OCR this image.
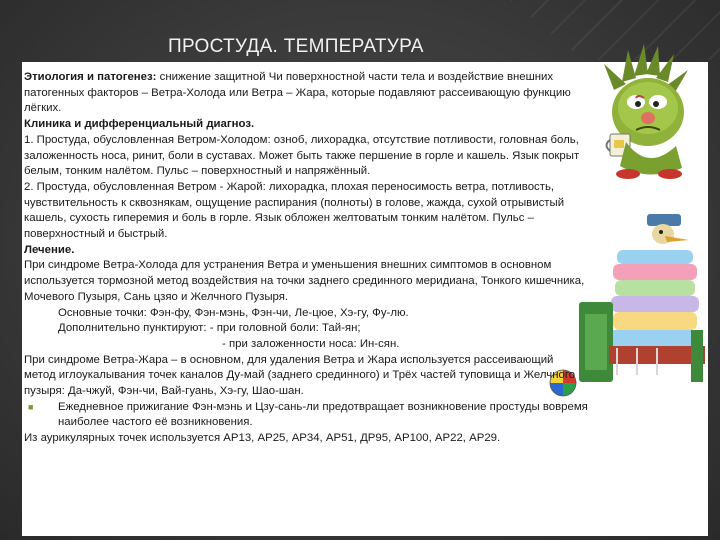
ПРОСТУДА. ТЕМПЕРАТУРА

Этиология и патогенез: снижение защитной Чи поверхностной части тела и воздействие внешних патогенных факторов – Ветра-Холода или Ветра – Жара, которые подавляют рассеивающую функцию лёгких.

Клиника и дифференциальный диагноз.

1. Простуда, обусловленная Ветром-Холодом: озноб, лихорадка, отсутствие потливости, головная боль, заложенность носа, ринит, боли в суставах. Может быть также першение в горле и кашель. Язык покрыт белым, тонким налётом. Пульс – поверхностный и напряжённый.

2. Простуда, обусловленная Ветром - Жарой: лихорадка, плохая переносимость ветра, потливость, чувствительность к сквознякам, ощущение распирания (полноты) в голове, жажда, сухой отрывистый кашель, сухость гиперемия и боль в горле. Язык обложен желтоватым тонким налётом. Пульс – поверхностный и быстрый.

Лечение.

При синдроме Ветра-Холода для устранения Ветра и уменьшения внешних симптомов в основном используется тормозной метод воздействия на точки заднего срединного меридиана, Тонкого кишечника, Мочевого Пузыря, Сань цзяо и Желчного Пузыря.

Основные точки: Фэн-фу, Фэн-мэнь, Фэн-чи, Ле-цюе, Хэ-гу, Фу-лю.

Дополнительно пунктируют: - при головной боли: Тай-ян;

- при заложенности носа: Ин-сян.

При синдроме Ветра-Жара – в основном, для удаления Ветра и Жара используется рассеивающий метод иглоукалывания точек каналов Ду-май (заднего срединного) и Трёх частей туповища и Желчного пузыря: Да-чжуй, Фэн-чи, Вай-гуань, Хэ-гу, Шао-шан.

■ Ежедневное прижигание Фэн-мэнь и Цзу-сань-ли предотвращает возникновение простуды вовремя наиболее частого её возникновения.

Из аурикулярных точек используется АР13, АР25, АР34, АР51, ДР95, АР100, АР22, АР29.
